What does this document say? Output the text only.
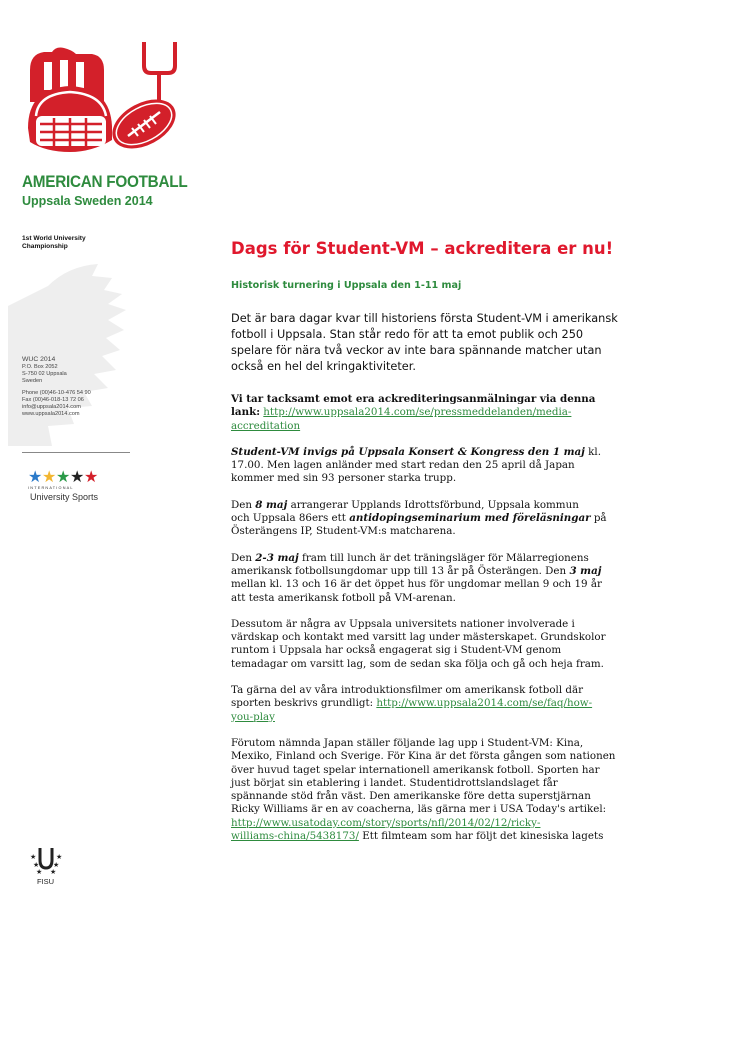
AMERICAN FOOTBALL
Uppsala Sweden 2014
1st World University
Championship
WUC 2014
P.O. Box 2052
S-750 02 Uppsala
Sweden
Phone (00)46-10-476 54 90
Fax (00)46-018-13 72 06
info@uppsala2014.com
www.uppsala2014.com
★ ★ ★ ★ ★
INTERNATIONAL
University Sports
★	★
★ ★
★ ★
FISU
Dags för Student-VM – ackreditera er nu!
Historisk turnering i Uppsala den 1-11 maj
Det är bara dagar kvar till historiens första Student-VM i amerikansk
fotboll i Uppsala. Stan står redo för att ta emot publik och 250
spelare för nära två veckor av inte bara spännande matcher utan
också en hel del kringaktiviteter.
Vi tar tacksamt emot era ackrediteringsanmälningar via denna
lank: http://www.uppsala2014.com/se/pressmeddelanden/media-
accreditation
Student-VM invigs på Uppsala Konsert & Kongress den 1 maj kl.
17.00. Men lagen anländer med start redan den 25 april då Japan
kommer med sin 93 personer starka trupp.
Den 8 maj arrangerar Upplands Idrottsförbund, Uppsala kommun
och Uppsala 86ers ett antidopingseminarium med föreläsningar på
Österängens IP, Student-VM:s matcharena.
Den 2-3 maj fram till lunch är det träningsläger för Mälarregionens
amerikansk fotbollsungdomar upp till 13 år på Österängen. Den 3 maj
mellan kl. 13 och 16 är det öppet hus för ungdomar mellan 9 och 19 år
att testa amerikansk fotboll på VM-arenan.
Dessutom är några av Uppsala universitets nationer involverade i
värdskap och kontakt med varsitt lag under mästerskapet. Grundskolor
runtom i Uppsala har också engagerat sig i Student-VM genom
temadagar om varsitt lag, som de sedan ska följa och gå och heja fram.
Ta gärna del av våra introduktionsfilmer om amerikansk fotboll där
sporten beskrivs grundligt: http://www.uppsala2014.com/se/faq/how-
you-play
Förutom nämnda Japan ställer följande lag upp i Student-VM: Kina,
Mexiko, Finland och Sverige. För Kina är det första gången som nationen
över huvud taget spelar internationell amerikansk fotboll. Sporten har
just börjat sin etablering i landet. Studentidrottslandslaget får
spännande stöd från väst. Den amerikanske före detta superstjärnan
Ricky Williams är en av coacherna, läs gärna mer i USA Today's artikel:
http://www.usatoday.com/story/sports/nfl/2014/02/12/ricky-
williams-china/5438173/ Ett filmteam som har följt det kinesiska lagets
